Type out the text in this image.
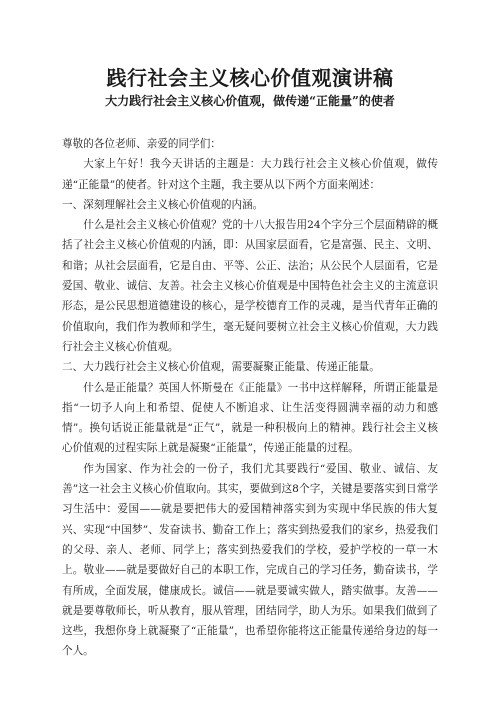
践行社会主义核心价值观演讲稿
大力践行社会主义核心价值观，做传递“正能量”的使者

尊敬的各位老师、亲爱的同学们：

大家上午好！我今天讲话的主题是：大力践行社会主义核心价值观，做传递“正能量”的使者。针对这个主题，我主要从以下两个方面来阐述：

一、深刻理解社会主义核心价值观的内涵。

什么是社会主义核心价值观？党的十八大报告用24个字分三个层面精辟的概括了社会主义核心价值观的内涵，即：从国家层面看，它是富强、民主、文明、和谐；从社会层面看，它是自由、平等、公正、法治；从公民个人层面看，它是爱国、敬业、诚信、友善。社会主义核心价值观是中国特色社会主义的主流意识形态，是公民思想道德建设的核心，是学校德育工作的灵魂，是当代青年正确的价值取向，我们作为教师和学生，毫无疑问要树立社会主义核心价值观，大力践行社会主义核心价值观。

二、大力践行社会主义核心价值观，需要凝聚正能量、传递正能量。

什么是正能量？英国人怀斯曼在《正能量》一书中这样解释，所谓正能量是指“一切予人向上和希望、促使人不断追求、让生活变得圆满幸福的动力和感情”。换句话说正能量就是“正气”，就是一种积极向上的精神。践行社会主义核心价值观的过程实际上就是凝聚“正能量”，传递正能量的过程。

作为国家、作为社会的一份子，我们尤其要践行“爱国、敬业、诚信、友善”这一社会主义核心价值取向。其实，要做到这8个字，关键是要落实到日常学习生活中：爱国——就是要把伟大的爱国精神落实到为实现中华民族的伟大复兴、实现“中国梦”、发奋读书、勤奋工作上；落实到热爱我们的家乡，热爱我们的父母、亲人、老师、同学上；落实到热爱我们的学校，爱护学校的一草一木上。敬业——就是要做好自己的本职工作，完成自己的学习任务，勤奋读书，学有所成，全面发展，健康成长。诚信——就是要诚实做人，踏实做事。友善——就是要尊敬师长，听从教育，服从管理，团结同学，助人为乐。如果我们做到了这些，我想你身上就凝聚了“正能量”，也希望你能将这正能量传递给身边的每一个人。
